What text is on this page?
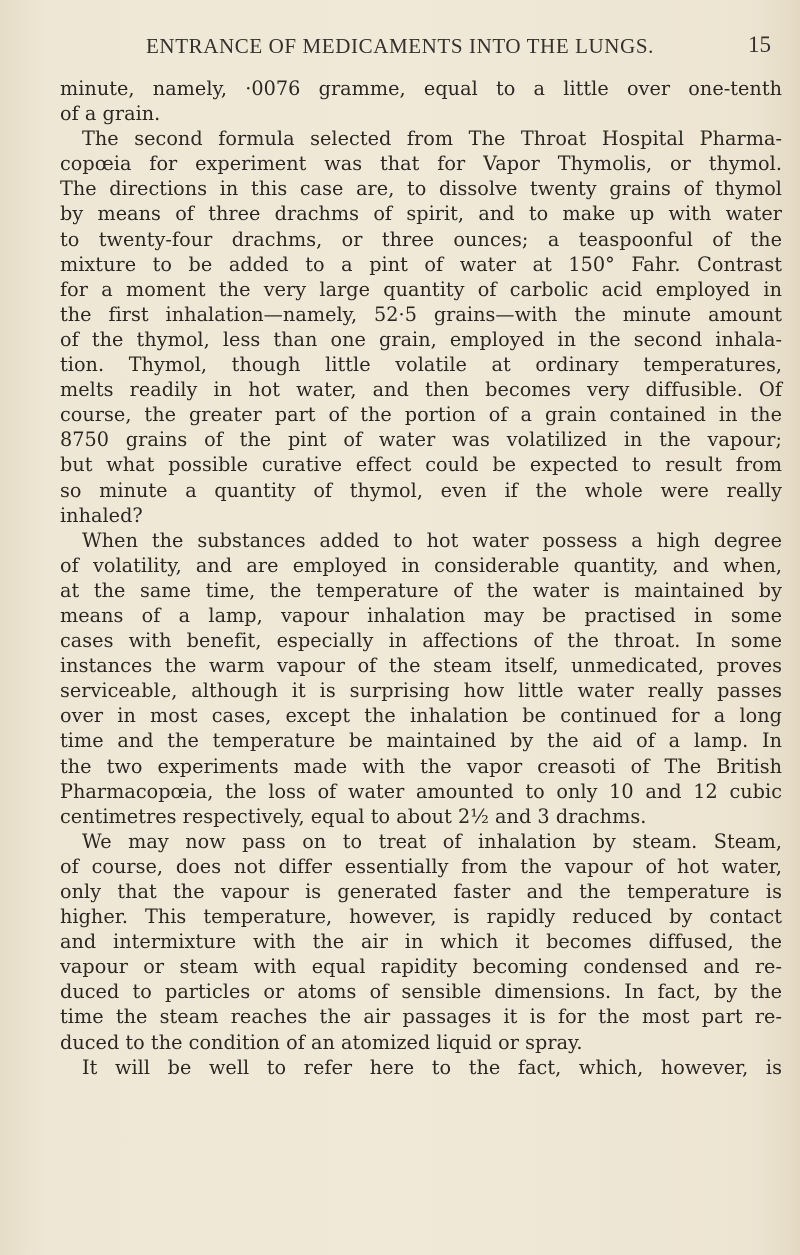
ENTRANCE OF MEDICAMENTS INTO THE LUNGS.	15
minute, namely, ·0076 gramme, equal to a little over one-tenth
of a grain.
The second formula selected from The Throat Hospital Pharma-
copœia for experiment was that for Vapor Thymolis, or thymol.
The directions in this case are, to dissolve twenty grains of thymol
by means of three drachms of spirit, and to make up with water
to twenty-four drachms, or three ounces; a teaspoonful of the
mixture to be added to a pint of water at 150° Fahr. Contrast
for a moment the very large quantity of carbolic acid employed in
the first inhalation—namely, 52·5 grains—with the minute amount
of the thymol, less than one grain, employed in the second inhala-
tion. Thymol, though little volatile at ordinary temperatures,
melts readily in hot water, and then becomes very diffusible. Of
course, the greater part of the portion of a grain contained in the
8750 grains of the pint of water was volatilized in the vapour;
but what possible curative effect could be expected to result from
so minute a quantity of thymol, even if the whole were really
inhaled?
When the substances added to hot water possess a high degree
of volatility, and are employed in considerable quantity, and when,
at the same time, the temperature of the water is maintained by
means of a lamp, vapour inhalation may be practised in some
cases with benefit, especially in affections of the throat. In some
instances the warm vapour of the steam itself, unmedicated, proves
serviceable, although it is surprising how little water really passes
over in most cases, except the inhalation be continued for a long
time and the temperature be maintained by the aid of a lamp. In
the two experiments made with the vapor creasoti of The British
Pharmacopœia, the loss of water amounted to only 10 and 12 cubic
centimetres respectively, equal to about 2½ and 3 drachms.
We may now pass on to treat of inhalation by steam. Steam,
of course, does not differ essentially from the vapour of hot water,
only that the vapour is generated faster and the temperature is
higher. This temperature, however, is rapidly reduced by contact
and intermixture with the air in which it becomes diffused, the
vapour or steam with equal rapidity becoming condensed and re-
duced to particles or atoms of sensible dimensions. In fact, by the
time the steam reaches the air passages it is for the most part re-
duced to the condition of an atomized liquid or spray.
It will be well to refer here to the fact, which, however, is
